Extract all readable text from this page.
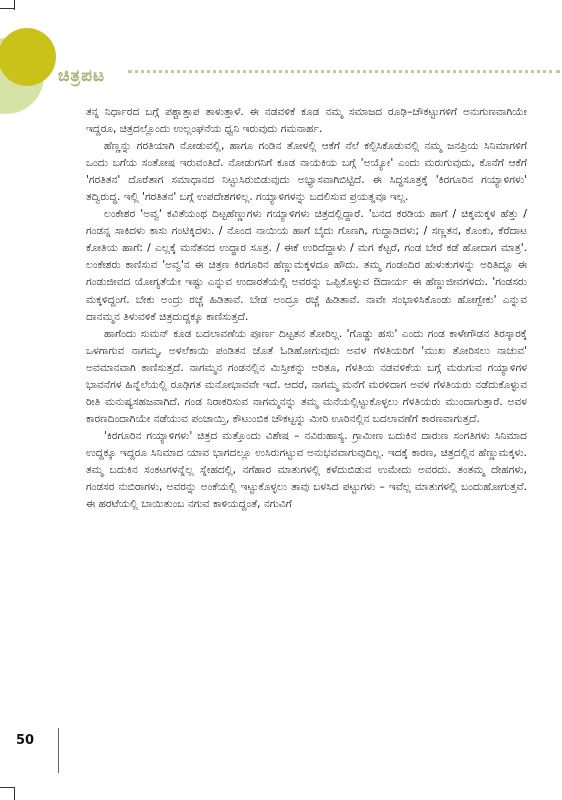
ಚಿತ್ರಪಟ

ತನ್ನ ನಿರ್ಧಾರದ ಬಗ್ಗೆ ಪಶ್ಚಾತ್ತಾಪ ತಾಳುತ್ತಾಳೆ. ಈ ನಡವಳಿಕೆ ಕೂಡ ನಮ್ಮ ಸಮಾಜದ ರೂಢಿ–ಚೌಕಟ್ಟುಗಳಿಗೆ ಅನುಗುಣವಾಗಿಯೇ ಇದ್ದರೂ, ಚಿತ್ರದಲ್ಲೊಂದು ಉಲ್ಲಂಘನೆಯ ಧ್ವನಿ ಇರುವುದು ಗಮನಾರ್ಹ.

ಹೆಣ್ಣನ್ನು ಗರತಿಯಾಗಿ ನೋಡುವಲ್ಲಿ, ಹಾಗೂ ಗಂಡಿನ ತೋಳಲ್ಲಿ ಆಕೆಗೆ ನೆಲೆ ಕಲ್ಪಿಸಿಕೊಡುವಲ್ಲಿ ನಮ್ಮ ಜನಪ್ರಿಯ ಸಿನಿಮಾಗಳಿಗೆ ಒಂದು ಬಗೆಯ ಸಂತೋಷ ಇರುವಂತಿದೆ. ನೋಡುಗನಿಗೆ ಕೂಡ ನಾಯಕಿಯ ಬಗ್ಗೆ 'ಅಯ್ಯೋ' ಎಂದು ಮರುಗುವುದು, ಕೊನೆಗೆ ಆಕೆಗೆ 'ಗರತಿತನ' ದೊರೆತಾಗ ಸಮಾಧಾನದ ನಿಟ್ಟುಸಿರುಬಿಡುವುದು ಅಭ್ಯಾಸವಾಗಿಬಿಟ್ಟಿದೆ. ಈ ಸಿದ್ಧಸೂತ್ರಕ್ಕೆ 'ಕಿರಗೂರಿನ ಗಯ್ಯಾಳಿಗಳು' ತದ್ವಿರುದ್ಧ. ಇಲ್ಲಿ 'ಗರತಿತನ' ಬಗ್ಗೆ ಉಪದೇಶಗಳಿಲ್ಲ. ಗಯ್ಯಾಳಿಗಳನ್ನು ಬದಲಿಸುವ ಪ್ರಯತ್ನವೂ ಇಲ್ಲ.

ಲಂಕೇಶರ 'ಅವ್ವ' ಕವಿತೆಯಂಥ ದಿಟ್ಟಹೆಣ್ಣುಗಳು ಗಯ್ಯಾಳಿಗಳು ಚಿತ್ರದಲ್ಲಿದ್ದಾರೆ. 'ಬನದ ಕರಡಿಯ ಹಾಗೆ / ಚಿಕ್ಕಮಕ್ಕಳ ಹೆತ್ತು / ಗಂಡನ್ನ ಸಾಕಿದಳು ಕಾಸು ಗಂಟಿಕ್ಕಿದಳು. / ನೊಂದ ನಾಯಿಯ ಹಾಗೆ ಬೈದು ಗೊಣಗಿ, ಗುದ್ದಾಡಿದಳು; / ಸಣ್ಣತನ, ಕೊಂಕು, ಕೆರೆದಾಟ ಕೋತಿಯ ಹಾಗೆ: / ಎಲ್ಲಕ್ಕೆ ಮನೆತನದ ಉದ್ಧಾರ ಸೂತ್ರ. / ಈಕೆ ಉರಿದೆದ್ದಾಳು / ಮಗ ಕೆಟ್ಟರೆ, ಗಂಡ ಬೇರೆ ಕಡೆ ಹೋದಾಗ ಮಾತ್ರ'. ಲಂಕೇಶರು ಕಾಣಿಸುವ 'ಅವ್ವ'ನ ಈ ಚಿತ್ರಣ ಕಿರಗೂರಿನ ಹೆಣ್ಣುಮಕ್ಕಳದೂ ಹೌದು. ತಮ್ಮ ಗಂಡಂದಿರ ಹುಳುಕುಗಳನ್ನು ಅರಿತಿದ್ದೂ ಈ ಗಂಡುಜೀವದ ಯೋಗ್ಯತೆಯೇ ಇಷ್ಟು ಎನ್ನುವ ಉದಾರತೆಯಲ್ಲಿ ಅವರನ್ನು ಒಪ್ಪಿಕೊಳ್ಳುವ ಔದಾರ್ಯ ಈ ಹೆಣ್ಣುಜೀವಗಳದು. 'ಗಂಡಸರು ಮಕ್ಕಳಿದ್ದಂಗೆ. ಬೇಕು ಅಂದ್ರು ರಚ್ಚೆ ಹಿಡಿತಾವೆ. ಬೇಡ ಅಂದ್ರೂ ರಚ್ಚೆ ಹಿಡಿತಾವೆ. ನಾವೇ ಸಂಭಾಳಿಸಿಕೊಂಡು ಹೋಗ್ಬೇಕು' ಎನ್ನುವ ದಾನಮ್ಮನ ತಿಳುವಳಿಕೆ ಚಿತ್ರದುದ್ದಕ್ಕೂ ಕಾಣಿಸುತ್ತದೆ.

ಹಾಗೆಂದು ಸುಮನ್ ಕೂಡ ಬದಲಾವಣೆಯ ಪೂರ್ಣ ದಿಟ್ಟತನ ತೋರಿಲ್ಲ. 'ಗೊಡ್ಡು ಹಸು' ಎಂದು ಗಂಡ ಕಾಳೇಗೌಡನ ತಿರಸ್ಕಾರಕ್ಕೆ ಒಳಗಾಗುವ ನಾಗಮ್ಮ, ಅಳಲೆಕಾಯಿ ಪಂಡಿತನ ಜೊತೆ ಓಡಿಹೋಗುವುದು ಅವಳ ಗೆಳತಿಯರಿಗೆ 'ಮುಖ ತೋರಿಸಲು ನಾಚುವ' ಅವಮಾನವಾಗಿ ಕಾಣಿಸುತ್ತದೆ. ನಾಗಮ್ಮನ ಗಂಡನಲ್ಲಿನ ಮಿಸ್ತೀಕನ್ನು ಅರಿತೂ, ಗೆಳತಿಯ ನಡವಳಿಕೆಯ ಬಗ್ಗೆ ಮರುಗುವ ಗಯ್ಯಾಳಿಗಳ ಭಾವನೆಗಳ ಹಿನ್ನೆಲೆಯಲ್ಲಿ ರೂಢಿಗತ ಮನೋಭಾವವೇ ಇದೆ. ಆದರೆ, ನಾಗಮ್ಮ ಮನೆಗೆ ಮರಳಿದಾಗ ಅವಳ ಗೆಳತಿಯರು ನಡೆದುಕೊಳ್ಳುವ ರೀತಿ ಮನುಷ್ಯಸಹಜವಾಗಿದೆ. ಗಂಡ ನಿರಾಕರಿಸುವ ನಾಗಮ್ಮನನ್ನು ತಮ್ಮ ಮನೆಯಲ್ಲಿಟ್ಟುಕೊಳ್ಳಲು ಗೆಳತಿಯರು ಮುಂದಾಗುತ್ತಾರೆ. ಅವಳ ಕಾರಣದಿಂದಾಗಿಯೇ ನಡೆಯುವ ಪಂಚಾಯ್ತಿ, ಕೌಟುಂಬಿಕ ಚೌಕಟ್ಟನ್ನು ಮೀರಿ ಊರಿನಲ್ಲಿನ ಬದಲಾವಣೆಗೆ ಕಾರಣವಾಗುತ್ತದೆ.

'ಕಿರಗೂರಿನ ಗಯ್ಯಾಳಿಗಳು' ಚಿತ್ರದ ಮತ್ತೊಂದು ವಿಶೇಷ – ನವಿರುಹಾಸ್ಯ. ಗ್ರಾಮೀಣ ಬದುಕಿನ ದಾರುಣ ಸಂಗತಿಗಳು ಸಿನಿಮಾದ ಉದ್ದಕ್ಕೂ ಇದ್ದರೂ ಸಿನಿಮಾದ ಯಾವ ಭಾಗದಲ್ಲೂ ಉಸಿರುಗಟ್ಟುವ ಅನುಭವವಾಗುವುದಿಲ್ಲ. ಇದಕ್ಕೆ ಕಾರಣ, ಚಿತ್ರದಲ್ಲಿನ ಹೆಣ್ಣುಮಕ್ಕಳು. ತಮ್ಮ ಬದುಕಿನ ಸಂಕಟಗಳನ್ನೆಲ್ಲ ಸ್ನೇಹದಲ್ಲಿ, ನಗೆಹಾರ ಮಾತುಗಳಲ್ಲಿ ಕಳೆದುಬಿಡುವ ಉಮೇದು ಅವರದು. ತಂತಮ್ಮ ದೇಹಗಳು, ಗಂಡಸರ ನುಬಿರಾಗಳು, ಅವರನ್ನು ಅಂಕೆಯಲ್ಲಿ ಇಟ್ಟುಕೊಳ್ಳಲು ತಾವು ಬಳಸಿದ ಪಟ್ಟುಗಳು – ಇವೆಲ್ಲ ಮಾತುಗಳಲ್ಲಿ ಬಂದುಹೋಗುತ್ತವೆ. ಈ ಹರಟೆಯಲ್ಲಿ ಬಾಯಿತುಂಬ ನಗುವ ಕಾಳಿಯದ್ದಂತೆ, ನಗುವಿಗೆ

50
